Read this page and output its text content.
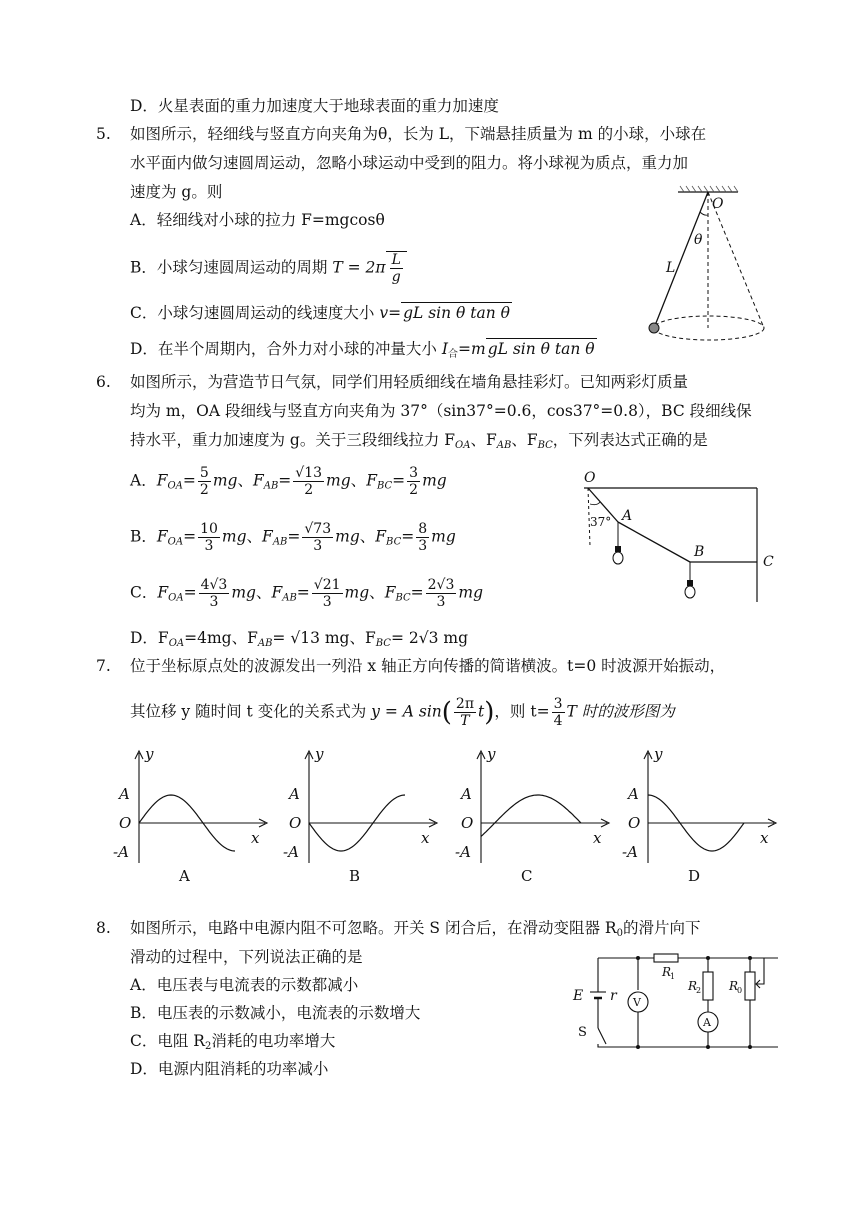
D．火星表面的重力加速度大于地球表面的重力加速度
5. 如图所示，轻细线与竖直方向夹角为θ，长为 L，下端悬挂质量为 m 的小球，小球在
水平面内做匀速圆周运动，忽略小球运动中受到的阻力。将小球视为质点，重力加
速度为 g。则
A．轻细线对小球的拉力 F=mgcosθ
B．小球匀速圆周运动的周期 $T = 2\pi \frac{L}{g}$
C．小球匀速圆周运动的线速度大小 v= gL sin θ tan θ
D．在半个周期内，合外力对小球的冲量大小 $I_合=m$ gL sin θ tan θ
O
θ
L
6. 如图所示，为营造节日气氛，同学们用轻质细线在墙角悬挂彩灯。已知两彩灯质量
均为 m，OA 段细线与竖直方向夹角为 37°（sin37°=0.6，cos37°=0.8），BC 段细线保
持水平，重力加速度为 g。关于三段细线拉力 $F_{OA}$、$F_{AB}$、$F_{BC}$，下列表达式正确的是
A．$F_{OA}= \frac{5}{2}$ mg、$F_{AB}= \frac{√13}{2}$ mg、$F_{BC}= \frac{3}{2}$ mg
B．$F_{OA}= \frac{10}{3}$ mg、$F_{AB}= \frac{√73}{3}$ mg、$F_{BC}= \frac{8}{3}$ mg
C．$F_{OA}= \frac{4√3}{3}$ mg、$F_{AB}= \frac{√21}{3}$ mg、$F_{BC}= \frac{2√3}{3}$ mg
D．$F_{OA}=4mg$、$F_{AB}= √13$ mg、$F_{BC}= 2√3$ mg
O
37° A
B
C
7. 位于坐标原点处的波源发出一列沿 x 轴正方向传播的简谐横波。t=0 时波源开始振动，
其位移 y 随时间 t 变化的关系式为 y = A $\sin( \frac{2\pi}{T} t)$，则 $t= \frac{3}{4}$ T 时的波形图为
y
x
A
O
-A
A
y
x
A
O
-A
B
y
x
A
O
-A
C
y
x
A
O
-A
D
8. 如图所示，电路中电源内阻不可忽略。开关 S 闭合后，在滑动变阻器 $R_0$的滑片向下
滑动的过程中，下列说法正确的是
A．电压表与电流表的示数都减小
B．电压表的示数减小，电流表的示数增大
C．电阻 $R_2$消耗的电功率增大
D．电源内阻消耗的功率减小
E r
S
V
A
R
1
R
2 R
0
